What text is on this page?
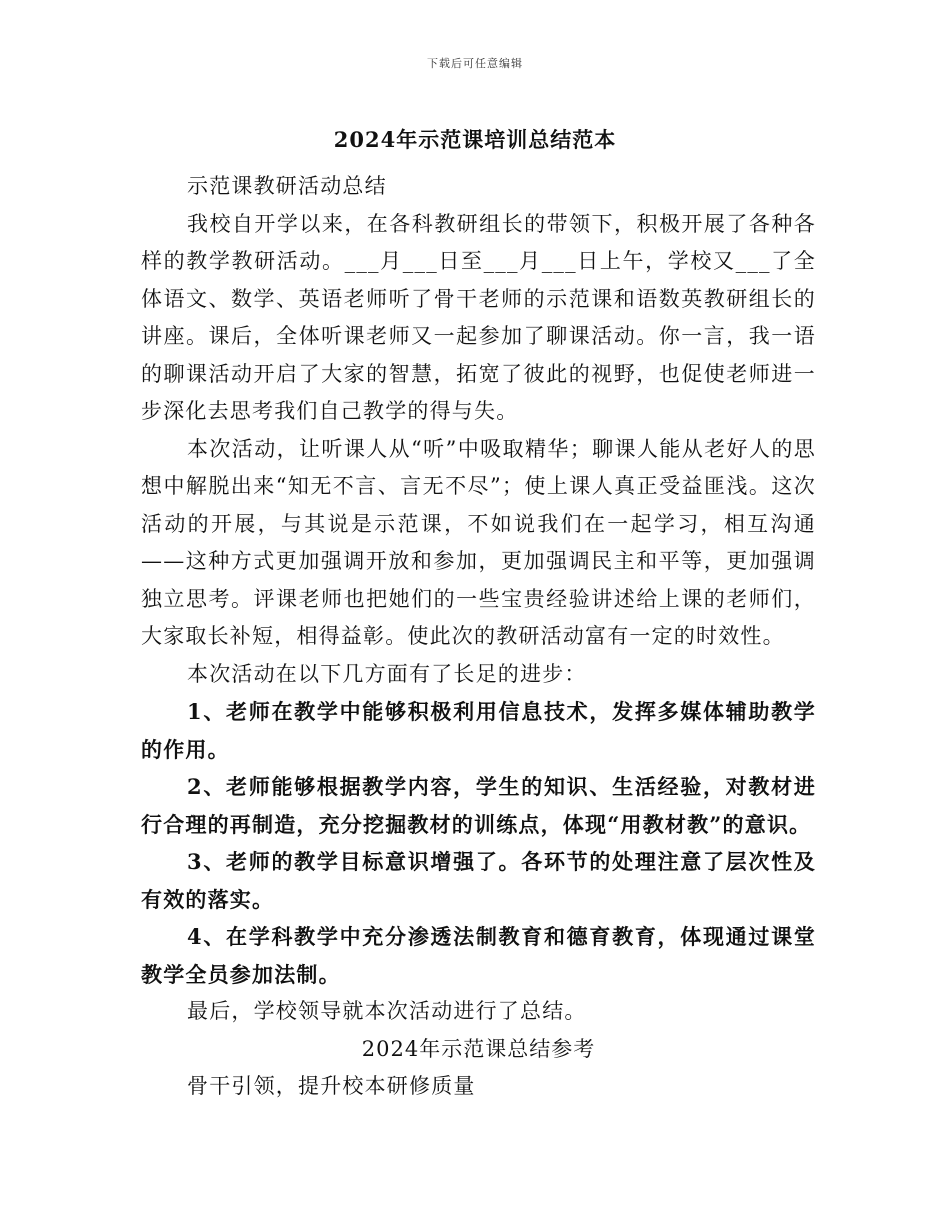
下载后可任意编辑
2024年示范课培训总结范本

示范课教研活动总结

我校自开学以来，在各科教研组长的带领下，积极开展了各种各样的教学教研活动。___月___日至___月___日上午，学校又___了全体语文、数学、英语老师听了骨干老师的示范课和语数英教研组长的讲座。课后，全体听课老师又一起参加了聊课活动。你一言，我一语的聊课活动开启了大家的智慧，拓宽了彼此的视野，也促使老师进一步深化去思考我们自己教学的得与失。

本次活动，让听课人从“听”中吸取精华；聊课人能从老好人的思想中解脱出来“知无不言、言无不尽”；使上课人真正受益匪浅。这次活动的开展，与其说是示范课，不如说我们在一起学习，相互沟通——这种方式更加强调开放和参加，更加强调民主和平等，更加强调独立思考。评课老师也把她们的一些宝贵经验讲述给上课的老师们，大家取长补短，相得益彰。使此次的教研活动富有一定的时效性。

本次活动在以下几方面有了长足的进步：

1、老师在教学中能够积极利用信息技术，发挥多媒体辅助教学的作用。

2、老师能够根据教学内容，学生的知识、生活经验，对教材进行合理的再制造，充分挖掘教材的训练点，体现“用教材教”的意识。

3、老师的教学目标意识增强了。各环节的处理注意了层次性及有效的落实。

4、在学科教学中充分渗透法制教育和德育教育，体现通过课堂教学全员参加法制。

最后，学校领导就本次活动进行了总结。

2024年示范课总结参考

骨干引领，提升校本研修质量
